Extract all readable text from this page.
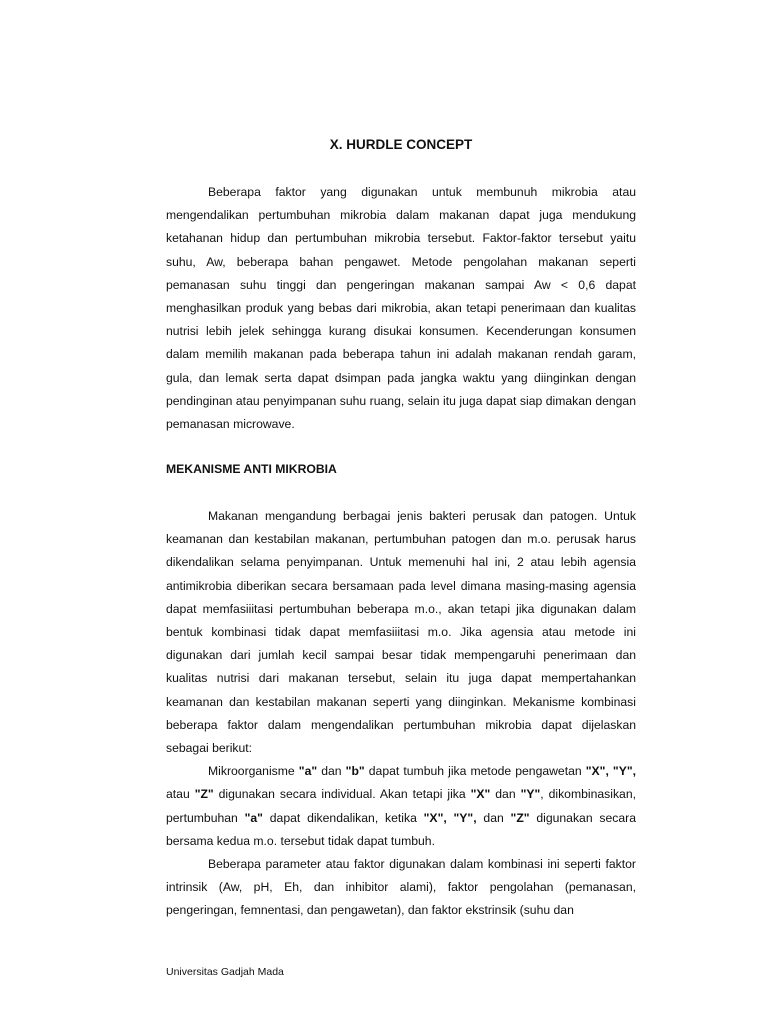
X. HURDLE CONCEPT

Beberapa faktor yang digunakan untuk membunuh mikrobia atau mengendalikan pertumbuhan mikrobia dalam makanan dapat juga mendukung ketahanan hidup dan pertumbuhan mikrobia tersebut. Faktor-faktor tersebut yaitu suhu, Aw, beberapa bahan pengawet. Metode pengolahan makanan seperti pemanasan suhu tinggi dan pengeringan makanan sampai Aw < 0,6 dapat menghasilkan produk yang bebas dari mikrobia, akan tetapi penerimaan dan kualitas nutrisi lebih jelek sehingga kurang disukai konsumen. Kecenderungan konsumen dalam memilih makanan pada beberapa tahun ini adalah makanan rendah garam, gula, dan lemak serta dapat dsimpan pada jangka waktu yang diinginkan dengan pendinginan atau penyimpanan suhu ruang, selain itu juga dapat siap dimakan dengan pemanasan microwave.

MEKANISME ANTI MIKROBIA

Makanan mengandung berbagai jenis bakteri perusak dan patogen. Untuk keamanan dan kestabilan makanan, pertumbuhan patogen dan m.o. perusak harus dikendalikan selama penyimpanan. Untuk memenuhi hal ini, 2 atau lebih agensia antimikrobia diberikan secara bersamaan pada level dimana masing-masing agensia dapat memfasiiitasi pertumbuhan beberapa m.o., akan tetapi jika digunakan dalam bentuk kombinasi tidak dapat memfasiiitasi m.o. Jika agensia atau metode ini digunakan dari jumlah kecil sampai besar tidak mempengaruhi penerimaan dan kualitas nutrisi dari makanan tersebut, selain itu juga dapat mempertahankan keamanan dan kestabilan makanan seperti yang diinginkan. Mekanisme kombinasi beberapa faktor dalam mengendalikan pertumbuhan mikrobia dapat dijelaskan sebagai berikut:

Mikroorganisme "a" dan "b" dapat tumbuh jika metode pengawetan "X", "Y", atau "Z" digunakan secara individual. Akan tetapi jika "X" dan "Y", dikombinasikan, pertumbuhan "a" dapat dikendalikan, ketika "X", "Y", dan "Z" digunakan secara bersama kedua m.o. tersebut tidak dapat tumbuh.

Beberapa parameter atau faktor digunakan dalam kombinasi ini seperti faktor intrinsik (Aw, pH, Eh, dan inhibitor alami), faktor pengolahan (pemanasan, pengeringan, femnentasi, dan pengawetan), dan faktor ekstrinsik (suhu dan

Universitas Gadjah Mada
